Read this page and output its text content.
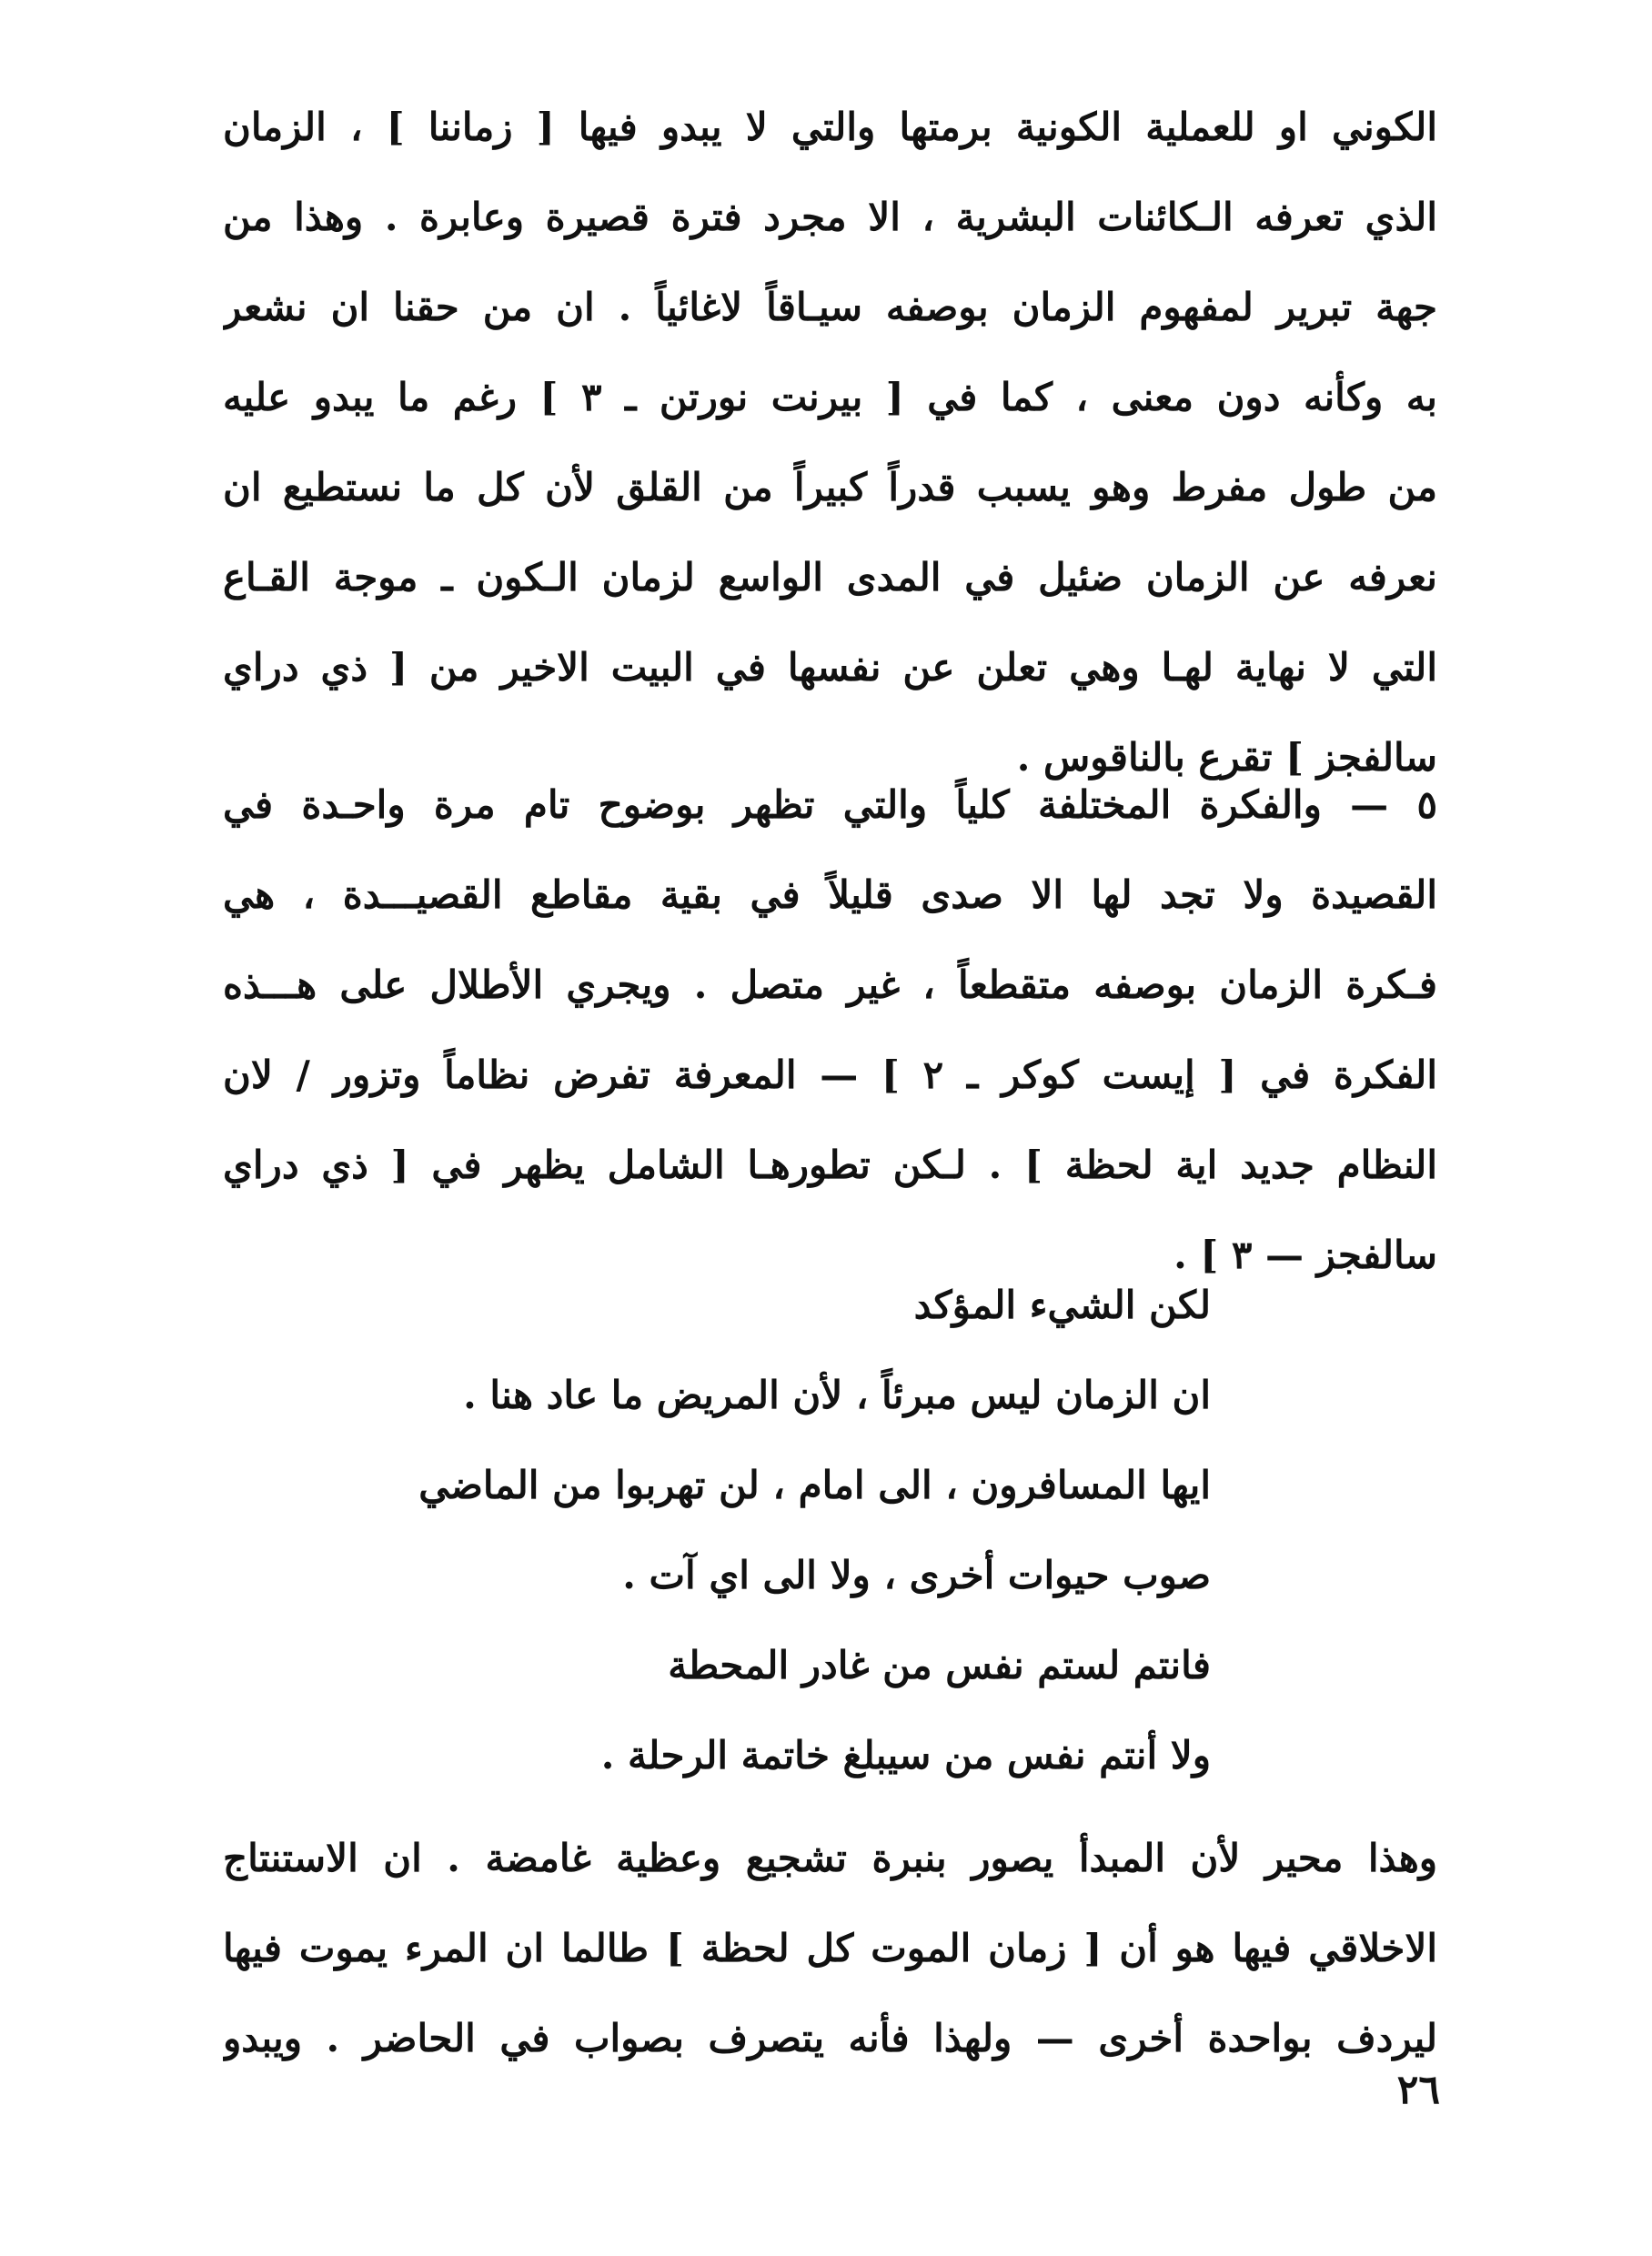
الكوني او للعملية الكونية برمتها والتي لا يبدو فيها [ زماننا ] ، الزمان
الذي تعرفه الـكائنات البشرية ، الا مجرد فترة قصيرة وعابرة . وهذا من
جهة تبرير لمفهوم الزمان بوصفه سيـاقاً لاغائياً . ان من حقنا ان نشعر
به وكأنه دون معنى ، كما في [ بيرنت نورتن ـ ٣ ] رغم ما يبدو عليه
من طول مفرط وهو يسبب قدراً كبيراً من القلق لأن كل ما نستطيع ان
نعرفه عن الزمان ضئيل في المدى الواسع لزمان الـكون ـ موجة القـاع
التي لا نهاية لهـا وهي تعلن عن نفسها في البيت الاخير من [ ذي دراي
سالفجز ] تقرع بالناقوس .
٥ — والفكرة المختلفة كلياً والتي تظهر بوضوح تام مرة واحـدة في
القصيدة ولا تجد لها الا صدى قليلاً في بقية مقاطع القصيـــدة ، هي
فـكرة الزمان بوصفه متقطعاً ، غير متصل . ويجري الأطلال على هـــذه
الفكرة في [ إيست كوكر ـ ٢ ] — المعرفة تفرض نظاماً وتزور / لان
النظام جديد اية لحظة ] . لـكن تطورهـا الشامل يظهر في [ ذي دراي
سالفجز — ٣ ] .
لكن الشيء المؤكد
ان الزمان ليس مبرئاً ، لأن المريض ما عاد هنا .
ايها المسافرون ، الى امام ، لن تهربوا من الماضي
صوب حيوات أخرى ، ولا الى اي آت .
فانتم لستم نفس من غادر المحطة
ولا أنتم نفس من سيبلغ خاتمة الرحلة .
وهذا محير لأن المبدأ يصور بنبرة تشجيع وعظية غامضة . ان الاستنتاج
الاخلاقي فيها هو أن [ زمان الموت كل لحظة ] طالما ان المرء يموت فيها
ليردف بواحدة أخرى — ولهذا فأنه يتصرف بصواب في الحاضر . ويبدو
٢٦
